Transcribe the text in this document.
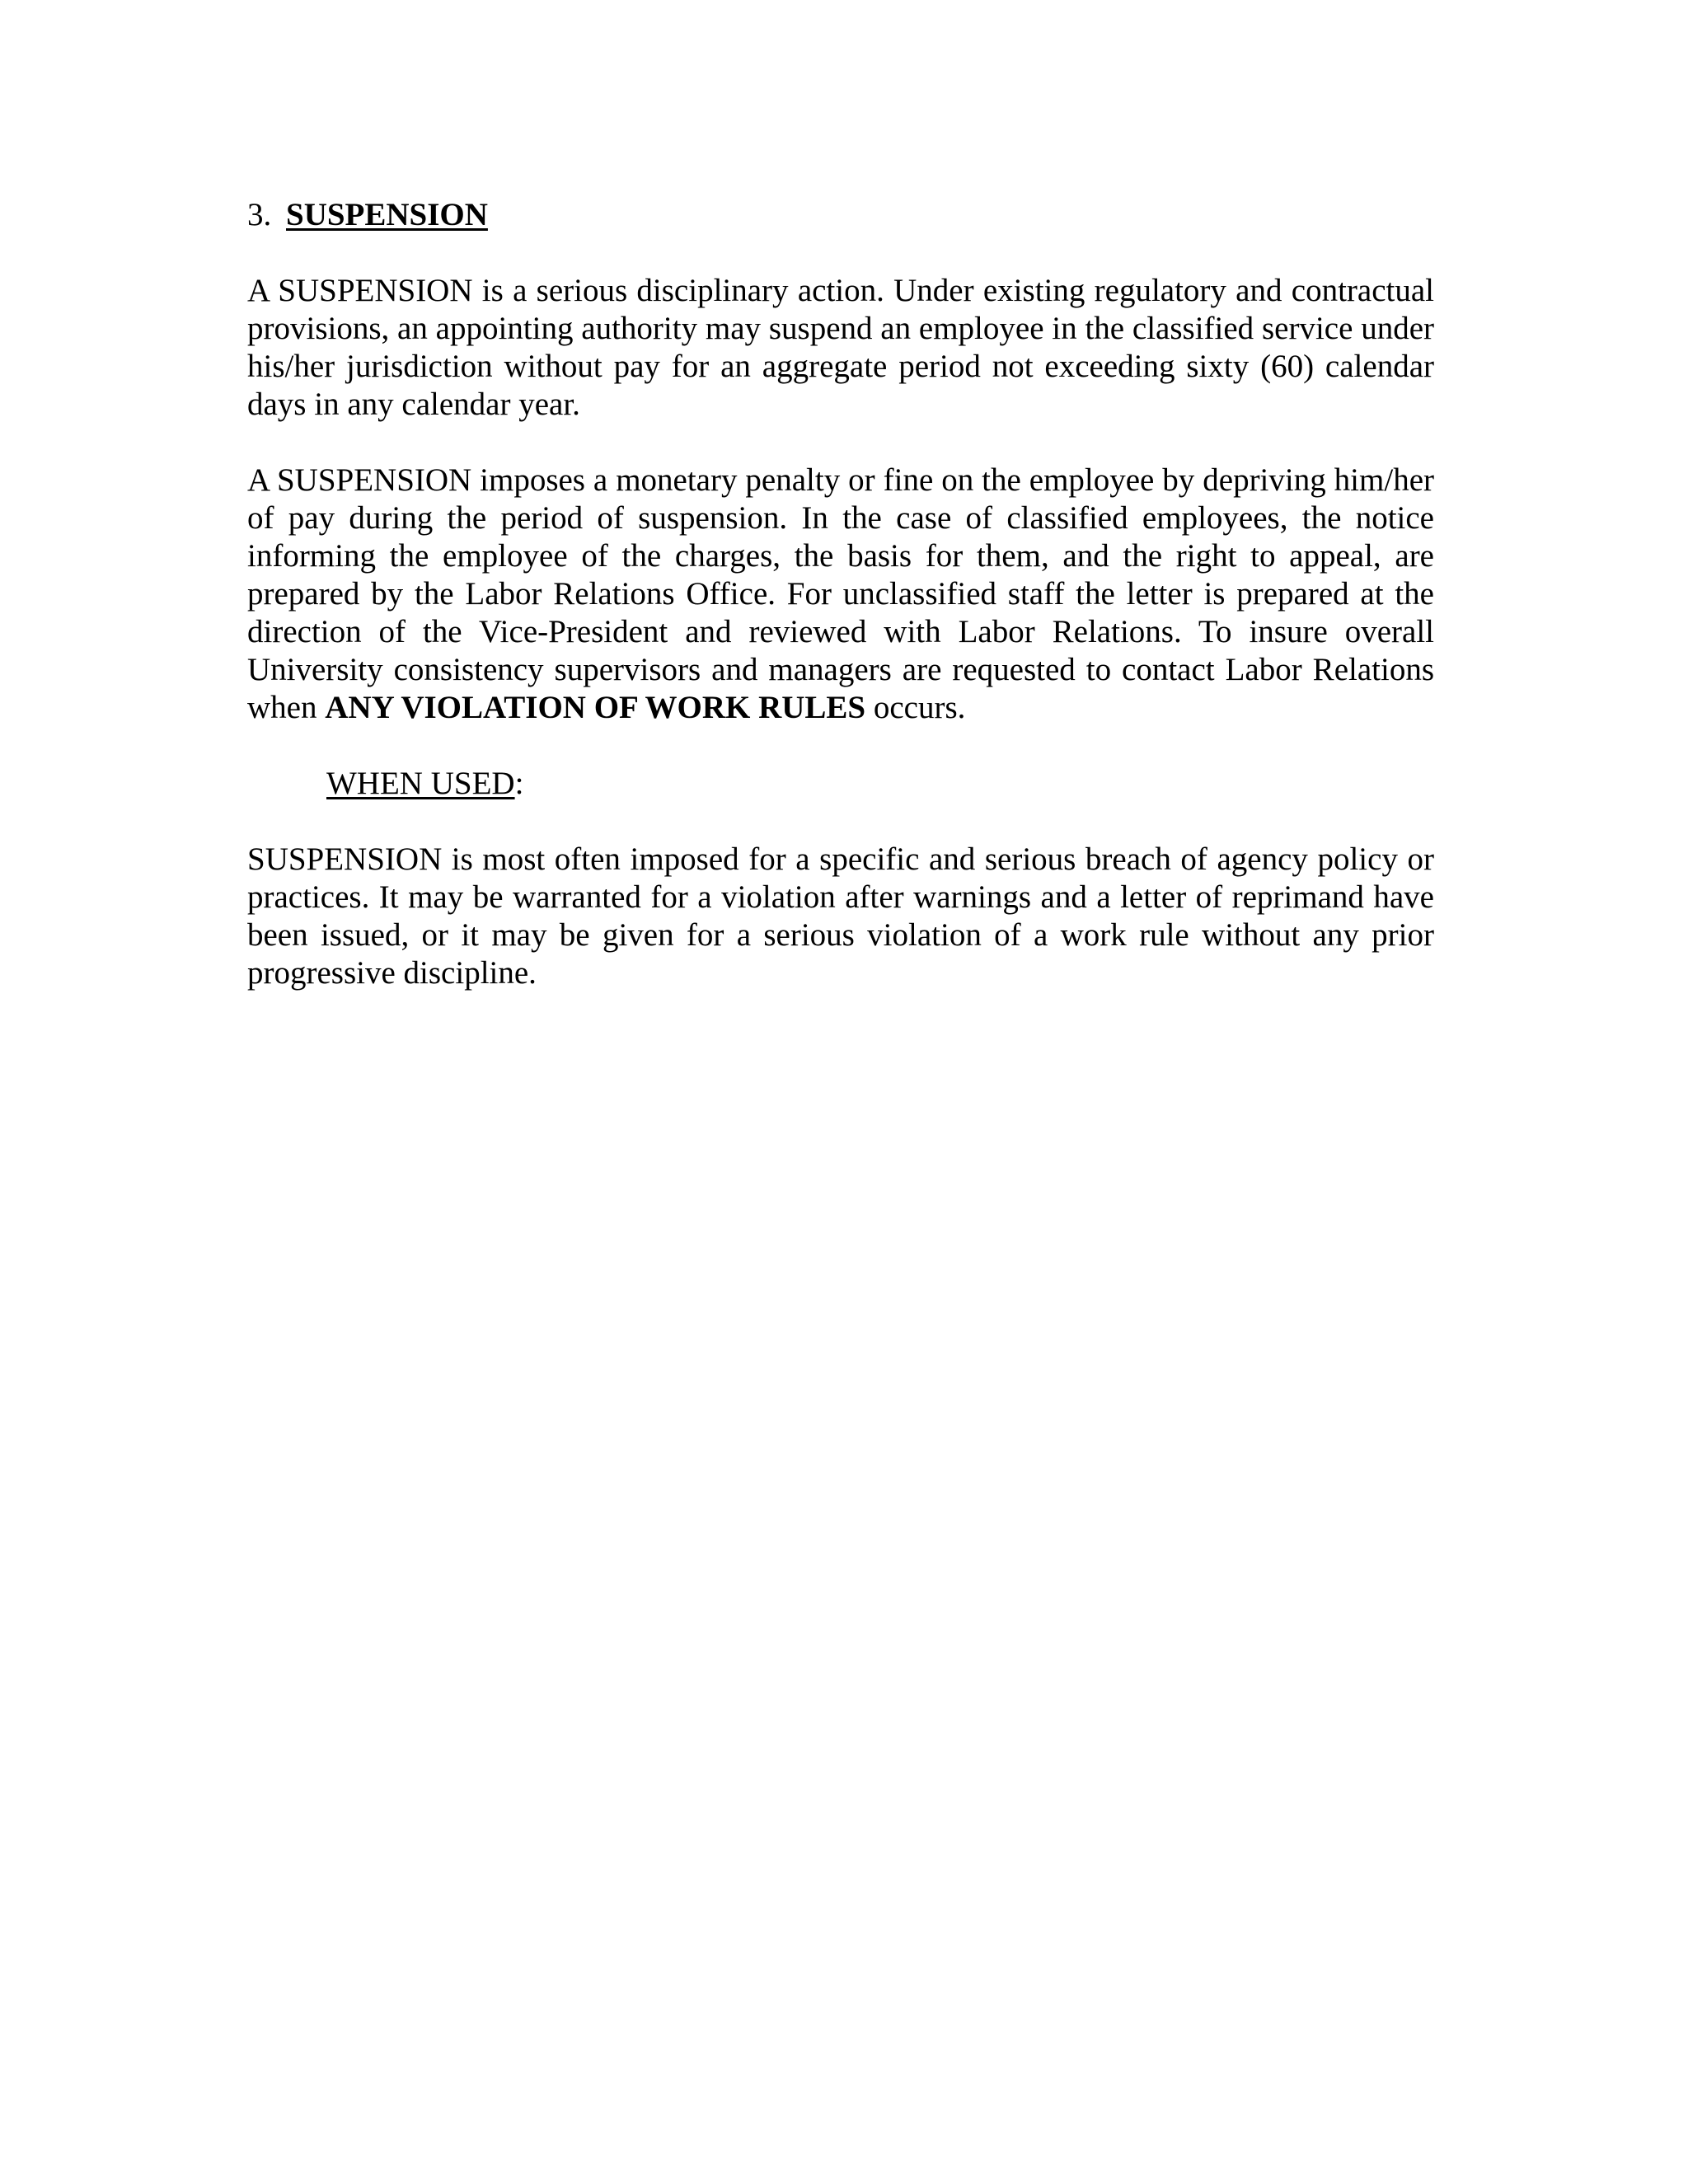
3. SUSPENSION

A SUSPENSION is a serious disciplinary action. Under existing regulatory and contractual provisions, an appointing authority may suspend an employee in the classified service under his/her jurisdiction without pay for an aggregate period not exceeding sixty (60) calendar days in any calendar year.

A SUSPENSION imposes a monetary penalty or fine on the employee by depriving him/her of pay during the period of suspension. In the case of classified employees, the notice informing the employee of the charges, the basis for them, and the right to appeal, are prepared by the Labor Relations Office. For unclassified staff the letter is prepared at the direction of the Vice-President and reviewed with Labor Relations. To insure overall University consistency supervisors and managers are requested to contact Labor Relations when ANY VIOLATION OF WORK RULES occurs.

WHEN USED:

SUSPENSION is most often imposed for a specific and serious breach of agency policy or practices. It may be warranted for a violation after warnings and a letter of reprimand have been issued, or it may be given for a serious violation of a work rule without any prior progressive discipline.
